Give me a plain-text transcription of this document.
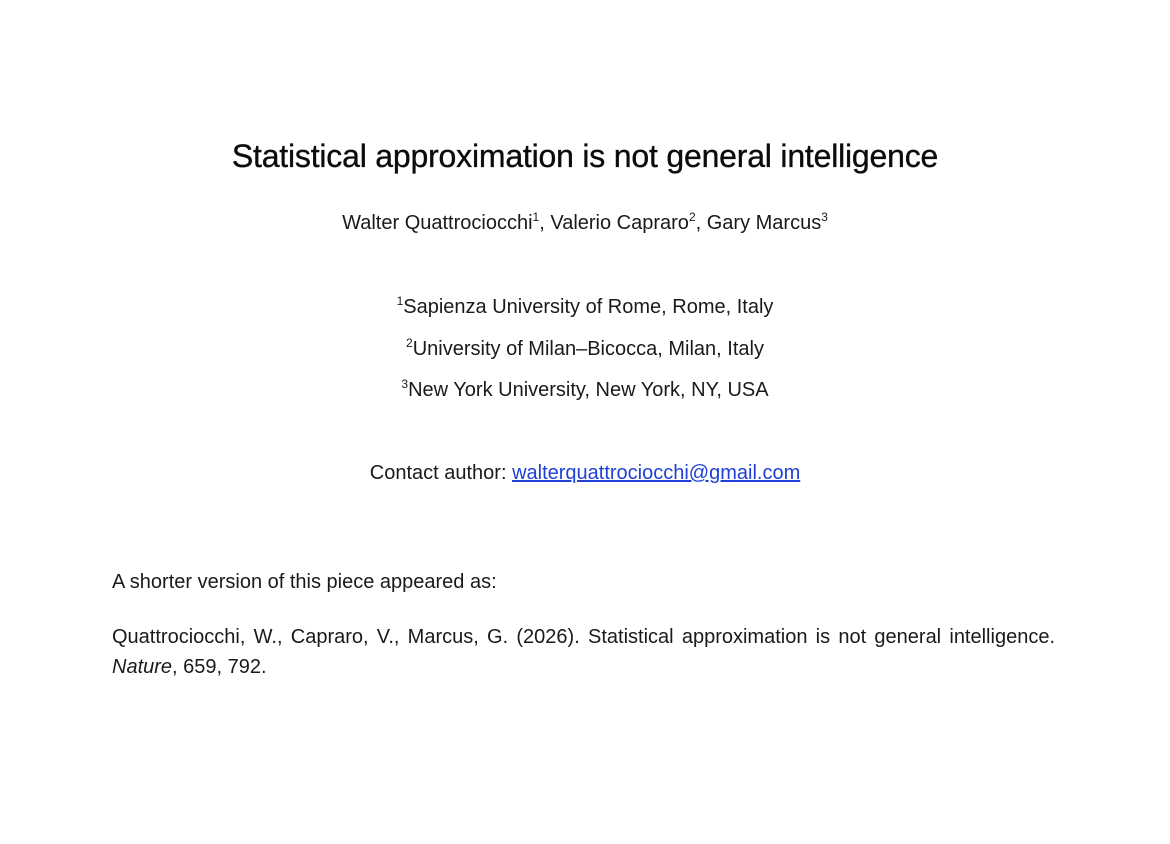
Statistical approximation is not general intelligence
Walter Quattrociocchi$^1$, Valerio Capraro$^2$, Gary Marcus$^3$
$^1$Sapienza University of Rome, Rome, Italy
$^2$University of Milan–Bicocca, Milan, Italy
$^3$New York University, New York, NY, USA
Contact author: walterquattrociocchi@gmail.com
A shorter version of this piece appeared as:
Quattrociocchi, W., Capraro, V., Marcus, G. (2026). Statistical approximation is not general intelligence. Nature, 659, 792.
